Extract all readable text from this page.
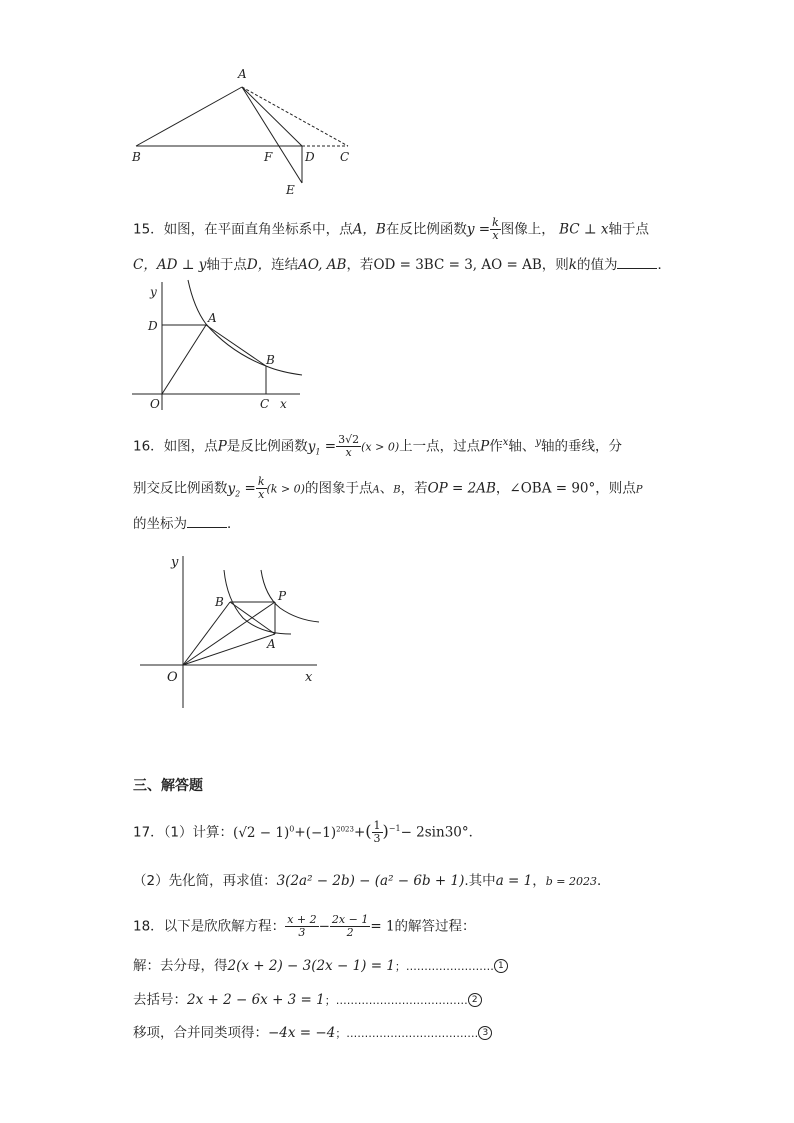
A
B	F	D C
E
15．如图，在平面直角坐标系中，点A，B在反比例函数$y = \frac{k}{x}$ 图像上， BC ⊥ x轴于点
C，AD ⊥ y轴于点D，连结AO, AB，若OD = 3BC = 3, AO = AB，则k的值为	．
y
D
A
B
O	C x
16．如图，点P是反比例函数$y_1 = \frac{3√2}{x} (x > 0)$上一点，过点P作$^x$轴、$^y$轴的垂线，分
别交反比例函数$y_2 = \frac{k}{x} (k > 0)$的图象于点A、B，若OP = 2AB，∠OBA = 90°，则点P
的坐标为	．
y
B	P
A
O	x
三、解答题
17．（1）计算：$(√2 - 1)^0+(-1)^{2023}+( \frac{1}{3} )^{-1}- 2\sin 30^\circ$．
（2）先化简，再求值：3(2a² − 2b) − (a² − 6b + 1).其中a = 1，b = 2023．
18．以下是欣欣解方程： $\frac{x + 2}{3} - \frac{2x - 1}{2} = 1$的解答过程：
解：去分母，得2(x + 2) − 3(2x − 1) = 1；…………………… 1
去括号：2x + 2 − 6x + 3 = 1；……………………………… 2
移项，合并同类项得：−4x = −4；……………………………… 3
